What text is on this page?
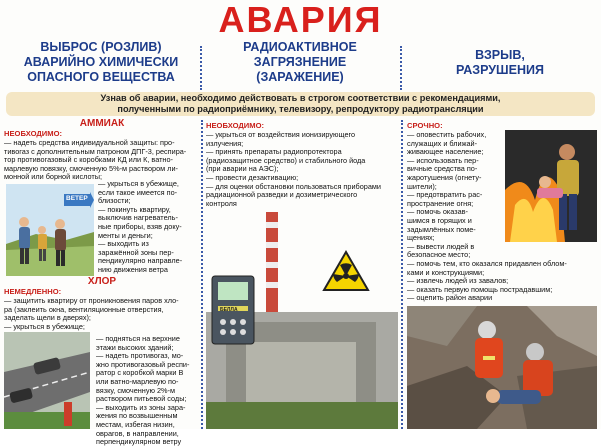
АВАРИЯ
ВЫБРОС (РОЗЛИВ)
АВАРИЙНО ХИМИЧЕСКИ
ОПАСНОГО ВЕЩЕСТВА
РАДИОАКТИВНОЕ
ЗАГРЯЗНЕНИЕ
(ЗАРАЖЕНИЕ)
ВЗРЫВ,
РАЗРУШЕНИЯ
Узнав об аварии, необходимо действовать в строгом соответствии с рекомендациями,
полученными по радиоприёмнику, телевизору, репродуктору радиотрансляции
АММИАК
НЕОБХОДИМО:
— надеть средства индивидуальной защиты: про-
тивогаз с дополнительным патроном ДПГ-3, респира-
тор противогазовый с коробками КД или К, ватно-
марлевую повязку, смоченную 5%-м раствором ли-
монной или борной кислоты;
ВЕТЕР
— укрыться в убежище,
если такое имеется по-
близости;
— покинуть квартиру,
выключив нагреватель-
ные приборы, взяв доку-
менты и деньги;
— выходить из
заражённой зоны пер-
пендикулярно направле-
нию движения ветра
ХЛОР
НЕМЕДЛЕННО:
— защитить квартиру от проникновения паров хло-
ра (заклеить окна, вентиляционные отверстия,
заделать щели в дверях);
— укрыться в убежище;
— подняться на верхние
этажи высоких зданий;
— надеть противогаз, мо-
жно противогазовый респи-
ратор с коробкой марки В
или ватно-марлевую по-
вязку, смоченную 2%-м
раствором питьевой соды;
— выходить из зоны зара-
жения по возвышенным
местам, избегая низин,
оврагов, в направлении,
перпендикулярном ветру
НЕОБХОДИМО:
— укрыться от воздействия ионизирующего
излучения;
— принять препараты радиопротектора
(радиозащитное средство) и стабильного йода
(при аварии на АЭС);
— провести дезактивацию;
— для оценки обстановки пользоваться приборами
радиационной разведки и дозиметрического
контроля
БЕЛЛА
СРОЧНО:
— оповестить рабочих,
служащих и ближай-
живающее население;
— использовать пер-
вичные средства по-
жаротушения (огнету-
шители);
— предотвратить рас-
пространение огня;
— помочь оказав-
шимся в горящих и
задымлённых поме-
щениях;
— вывести людей в
безопасное место;
— помочь тем, кто оказался придавлен облом-
ками и конструкциями;
— извлечь людей из завалов;
— оказать первую помощь пострадавшим;
— оцепить район аварии
